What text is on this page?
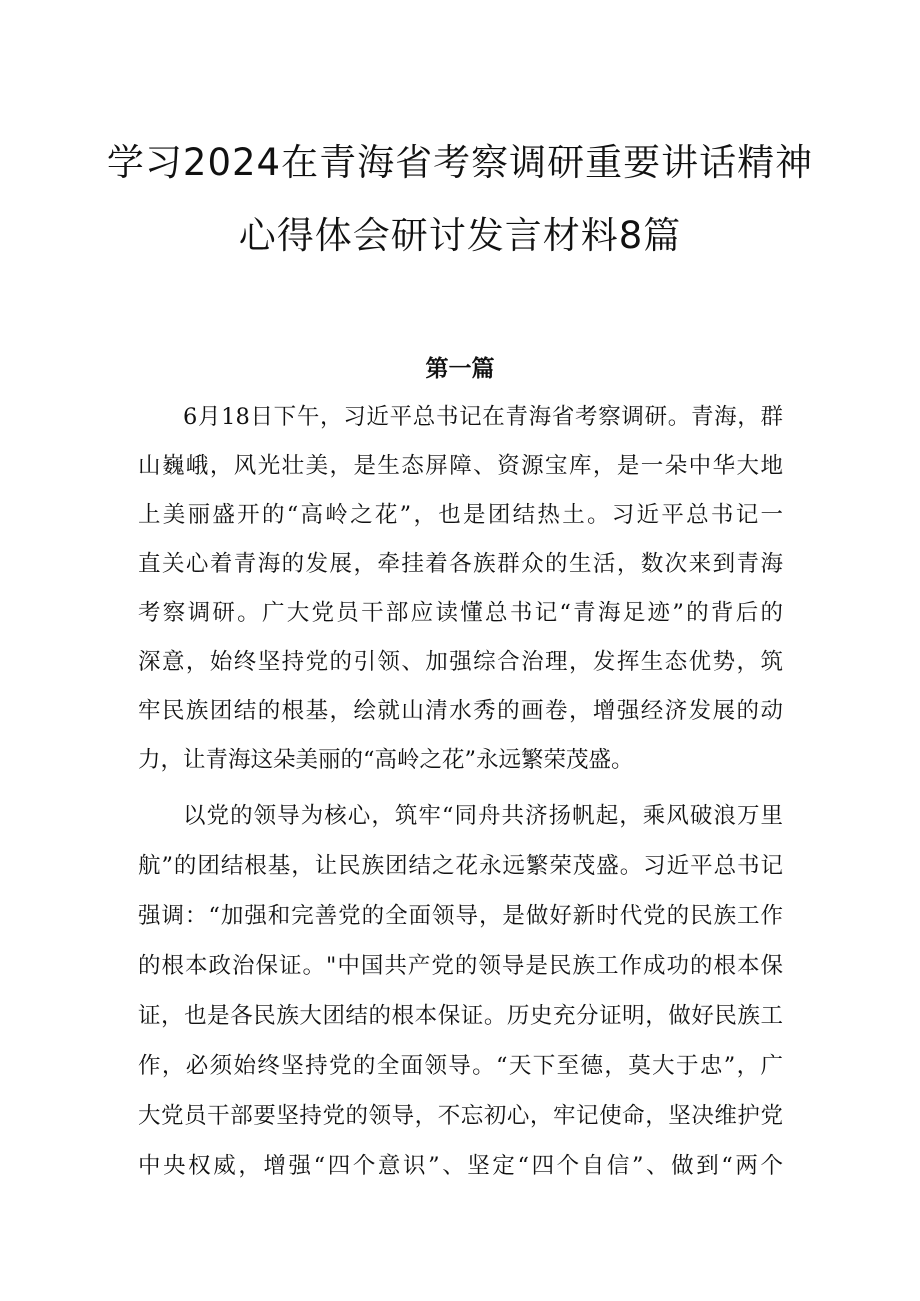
学习2024在青海省考察调研重要讲话精神
心得体会研讨发言材料8篇
第一篇
6月18日下午，习近平总书记在青海省考察调研。青海，群
山巍峨，风光壮美，是生态屏障、资源宝库，是一朵中华大地
上美丽盛开的“高岭之花”，也是团结热土。习近平总书记一
直关心着青海的发展，牵挂着各族群众的生活，数次来到青海
考察调研。广大党员干部应读懂总书记“青海足迹”的背后的
深意，始终坚持党的引领、加强综合治理，发挥生态优势，筑
牢民族团结的根基，绘就山清水秀的画卷，增强经济发展的动
力，让青海这朵美丽的“高岭之花”永远繁荣茂盛。
以党的领导为核心，筑牢“同舟共济扬帆起，乘风破浪万里
航”的团结根基，让民族团结之花永远繁荣茂盛。习近平总书记
强调：“加强和完善党的全面领导，是做好新时代党的民族工作
的根本政治保证。"中国共产党的领导是民族工作成功的根本保
证，也是各民族大团结的根本保证。历史充分证明，做好民族工
作，必须始终坚持党的全面领导。“天下至德，莫大于忠”，广
大党员干部要坚持党的领导，不忘初心，牢记使命，坚决维护党
中央权威，增强“四个意识”、坚定“四个自信”、做到“两个
